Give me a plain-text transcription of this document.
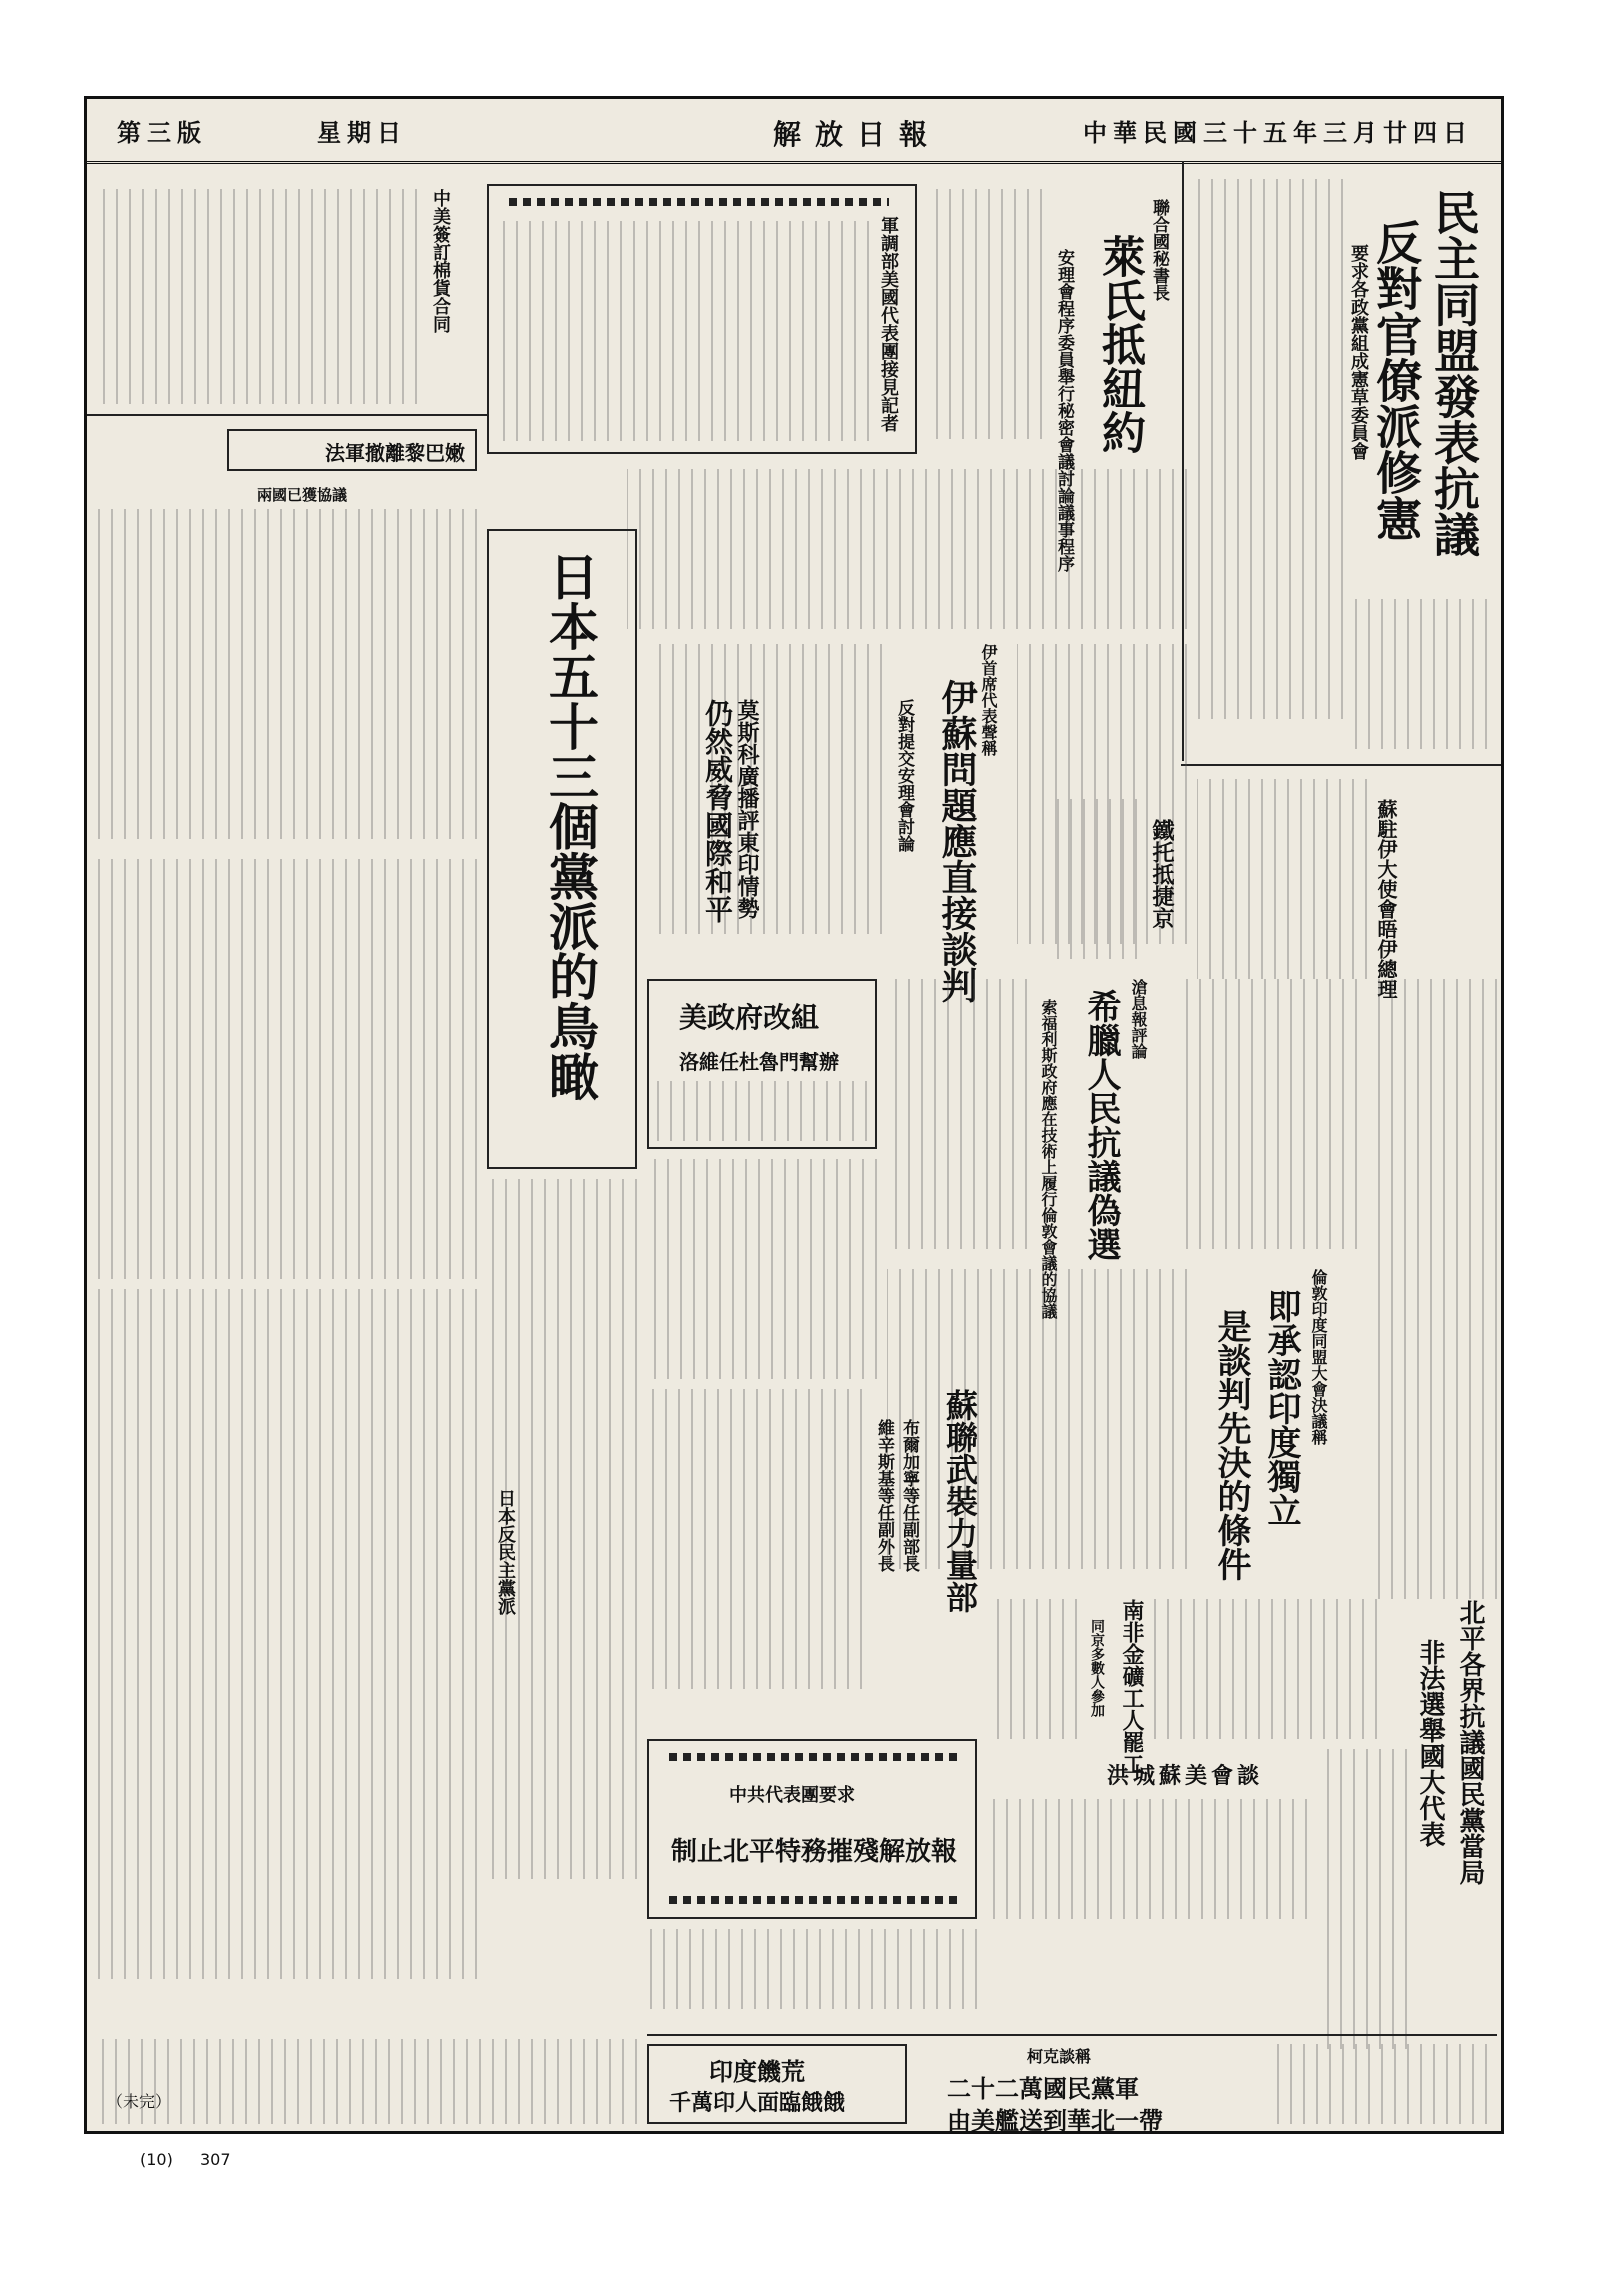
中華民國三十五年三月廿四日
解放日報
星期日
第三版
民主同盟發表抗議
反對官僚派修憲
要求各政黨組成憲草委員會
聯合國秘書長
萊氏抵紐約
安理會程序委員舉行秘密會議討論議事程序
軍調部美國代表團接見記者
中美簽訂棉貨合同
法軍撤離黎巴嫩
兩國已獲協議
日本五十三個黨派的鳥瞰
日本反民主黨派
（未完）
伊首席代表聲稱
伊蘇問題應直接談判
反對提交安理會討論
莫斯科廣播評東印情勢
仍然威脅國際和平	蘇駐伊大使會晤伊總理
鐵托抵捷京
滄息報評論
希臘人民抗議偽選
索福利斯政府應在技術上履行倫敦會議的協議
美政府改組
洛維任杜魯門幫辦
倫敦印度同盟大會決議稱
即承認印度獨立
是談判先決的條件
蘇聯武裝力量部
布爾加寧等任副部長
維辛斯基等任副外長
南非金礦工人罷工
同京多數人參加
洪城蘇美會談
中共代表團要求
制止北平特務摧殘解放報	北平各界抗議國民黨當局
非法選舉國大代表
柯克談稱
二十二萬國民黨軍
由美艦送到華北一帶
印度饑荒
千萬印人面臨餓餓
(10) 307
